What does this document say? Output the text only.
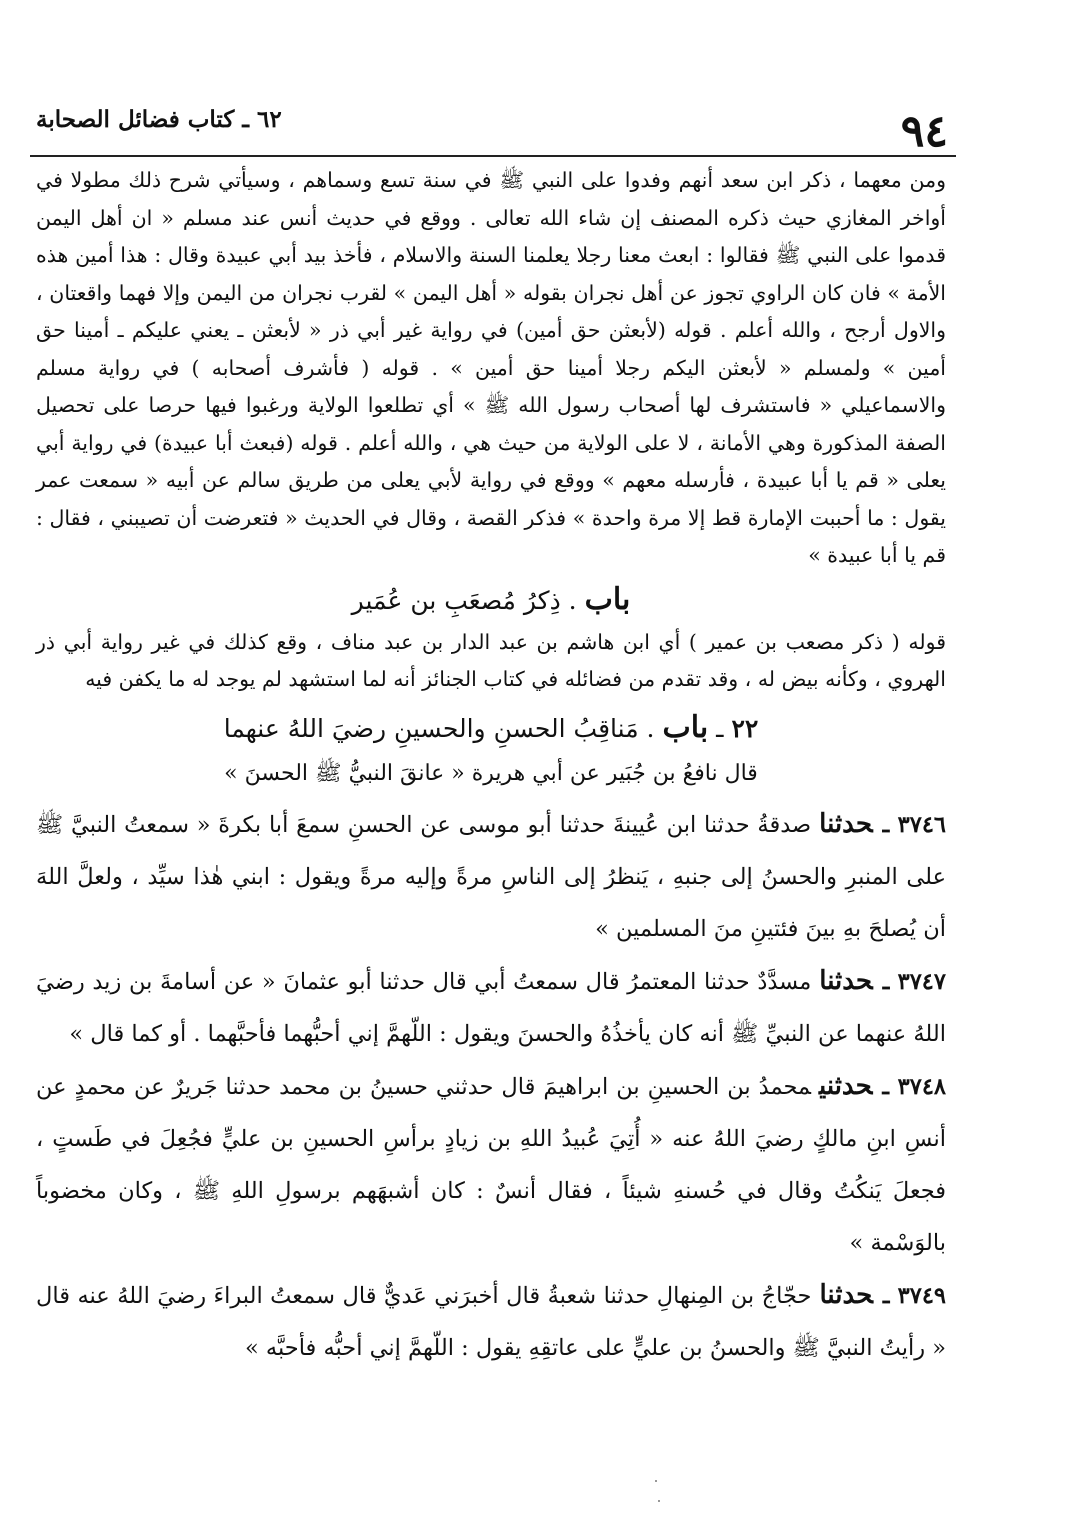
٩٤
٦٢ ـ كتاب فضائل الصحابة

ومن معهما ، ذكر ابن سعد أنهم وفدوا على النبي ﷺ في سنة تسع وسماهم ، وسيأتي شرح ذلك مطولا في أواخر المغازي حيث ذكره المصنف إن شاء الله تعالى . ووقع في حديث أنس عند مسلم « ان أهل اليمن قدموا على النبي ﷺ فقالوا : ابعث معنا رجلا يعلمنا السنة والاسلام ، فأخذ بيد أبي عبيدة وقال : هذا أمين هذه الأمة » فان كان الراوي تجوز عن أهل نجران بقوله « أهل اليمن » لقرب نجران من اليمن وإلا فهما واقعتان ، والاول أرجح ، والله أعلم . قوله (لأبعثن حق أمين) في رواية غير أبي ذر « لأبعثن ـ يعني عليكم ـ أمينا حق أمين » ولمسلم « لأبعثن اليكم رجلا أمينا حق أمين » . قوله ( فأشرف أصحابه ) في رواية مسلم والاسماعيلي « فاستشرف لها أصحاب رسول الله ﷺ » أي تطلعوا الولاية ورغبوا فيها حرصا على تحصيل الصفة المذكورة وهي الأمانة ، لا على الولاية من حيث هي ، والله أعلم . قوله (فبعث أبا عبيدة) في رواية أبي يعلى « قم يا أبا عبيدة ، فأرسله معهم » ووقع في رواية لأبي يعلى من طريق سالم عن أبيه « سمعت عمر يقول : ما أحببت الإمارة قط إلا مرة واحدة » فذكر القصة ، وقال في الحديث « فتعرضت أن تصيبني ، فقال : قم يا أبا عبيدة »

باب . ذِكرُ مُصعَبِ بن عُمَير

قوله ( ذكر مصعب بن عمير ) أي ابن هاشم بن عبد الدار بن عبد مناف ، وقع كذلك في غير رواية أبي ذر الهروي ، وكأنه بيض له ، وقد تقدم من فضائله في كتاب الجنائز أنه لما استشهد لم يوجد له ما يكفن فيه

٢٢ ـ باب . مَناقِبُ الحسنِ والحسينِ رضيَ اللهُ عنهما

قال نافعُ بن جُبَير عن أبي هريرة « عانقَ النبيُّ ﷺ الحسنَ »

٣٧٤٦ ـحدثناصدقةُ حدثنا ابن عُيينةَ حدثنا أبو موسى عن الحسنِ سمعَ أبا بكرةَ « سمعتُ النبيَّ ﷺ على المنبرِ والحسنُ إلى جنبهِ ، يَنظرُ إلى الناسِ مرةً وإليه مرةً ويقول : ابني هٰذا سيِّد ، ولعلَّ اللهَ أن يُصلحَ بهِ بينَ فئتينِ منَ المسلمين »

٣٧٤٧ ـحدثنامسدَّدٌ حدثنا المعتمرُ قال سمعتُ أبي قال حدثنا أبو عثمانَ « عن أسامةَ بن زيد رضيَ اللهُ عنهما عن النبيِّ ﷺ أنه كان يأخذُهُ والحسنَ ويقول : اللّهمَّ إني أحبُّهما فأحبَّهما . أو كما قال »

٣٧٤٨ ـحدثنيمحمدُ بن الحسينِ بن ابراهيمَ قال حدثني حسينُ بن محمد حدثنا جَريرٌ عن محمدٍ عن أنسِ ابنِ مالكٍ رضيَ اللهُ عنه « أُتِيَ عُبيدُ اللهِ بن زيادٍ برأسِ الحسينِ بن عليٍّ فجُعِلَ في طَستٍ ، فجعلَ يَنكُتُ وقال في حُسنهِ شيئاً ، فقال أنسٌ : كان أشبهَهم برسولِ اللهِ ﷺ ، وكان مخضوباً بالوَسْمة »

٣٧٤٩ ـحدثناحجّاجُ بن المِنهالِ حدثنا شعبةُ قال أخبرَني عَديٌّ قال سمعتُ البراءَ رضيَ اللهُ عنه قال « رأيتُ النبيَّ ﷺ والحسنُ بن عليٍّ على عاتقِهِ يقول : اللّهمَّ إني أحبُّه فأحبَّه »
